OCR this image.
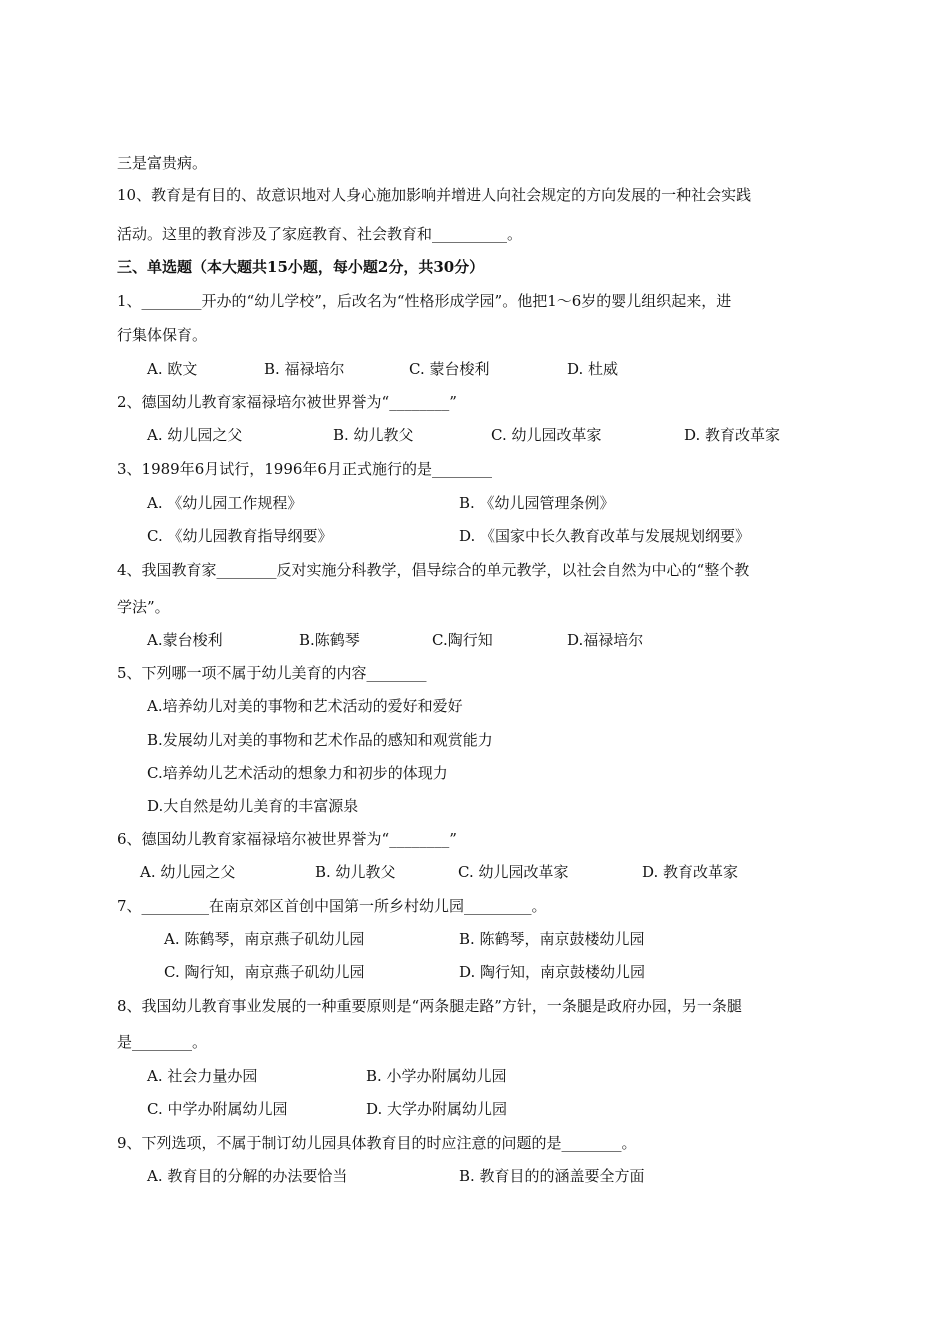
三是富贵病。
10、教育是有目的、故意识地对人身心施加影响并增进人向社会规定的方向发展的一种社会实践
活动。这里的教育涉及了家庭教育、社会教育和__________。
三、单选题（本大题共15小题，每小题2分，共30分）
1、________开办的“幼儿学校”，后改名为“性格形成学园”。他把1～6岁的婴儿组织起来，进
行集体保育。
A. 欧文	B. 福禄培尔	C. 蒙台梭利	D. 杜威
2、德国幼儿教育家福禄培尔被世界誉为“________”
A. 幼儿园之父	B. 幼儿教父	C. 幼儿园改革家	D. 教育改革家
3、1989年6月试行，1996年6月正式施行的是________
A. 《幼儿园工作规程》	B. 《幼儿园管理条例》
C. 《幼儿园教育指导纲要》	D. 《国家中长久教育改革与发展规划纲要》
4、我国教育家________反对实施分科教学，倡导综合的单元教学，以社会自然为中心的“整个教
学法”。
A.蒙台梭利	B.陈鹤琴	C.陶行知	D.福禄培尔
5、下列哪一项不属于幼儿美育的内容________
A.培养幼儿对美的事物和艺术活动的爱好和爱好
B.发展幼儿对美的事物和艺术作品的感知和观赏能力
C.培养幼儿艺术活动的想象力和初步的体现力
D.大自然是幼儿美育的丰富源泉
6、德国幼儿教育家福禄培尔被世界誉为“________”
A. 幼儿园之父	B. 幼儿教父	C. 幼儿园改革家	D. 教育改革家
7、_________在南京郊区首创中国第一所乡村幼儿园_________。
A. 陈鹤琴，南京燕子矶幼儿园	B. 陈鹤琴，南京鼓楼幼儿园
C. 陶行知，南京燕子矶幼儿园	D. 陶行知，南京鼓楼幼儿园
8、我国幼儿教育事业发展的一种重要原则是“两条腿走路”方针，一条腿是政府办园，另一条腿
是________。
A. 社会力量办园	B. 小学办附属幼儿园
C. 中学办附属幼儿园	D. 大学办附属幼儿园
9、下列选项，不属于制订幼儿园具体教育目的时应注意的问题的是________。
A. 教育目的分解的办法要恰当	B. 教育目的的涵盖要全方面
